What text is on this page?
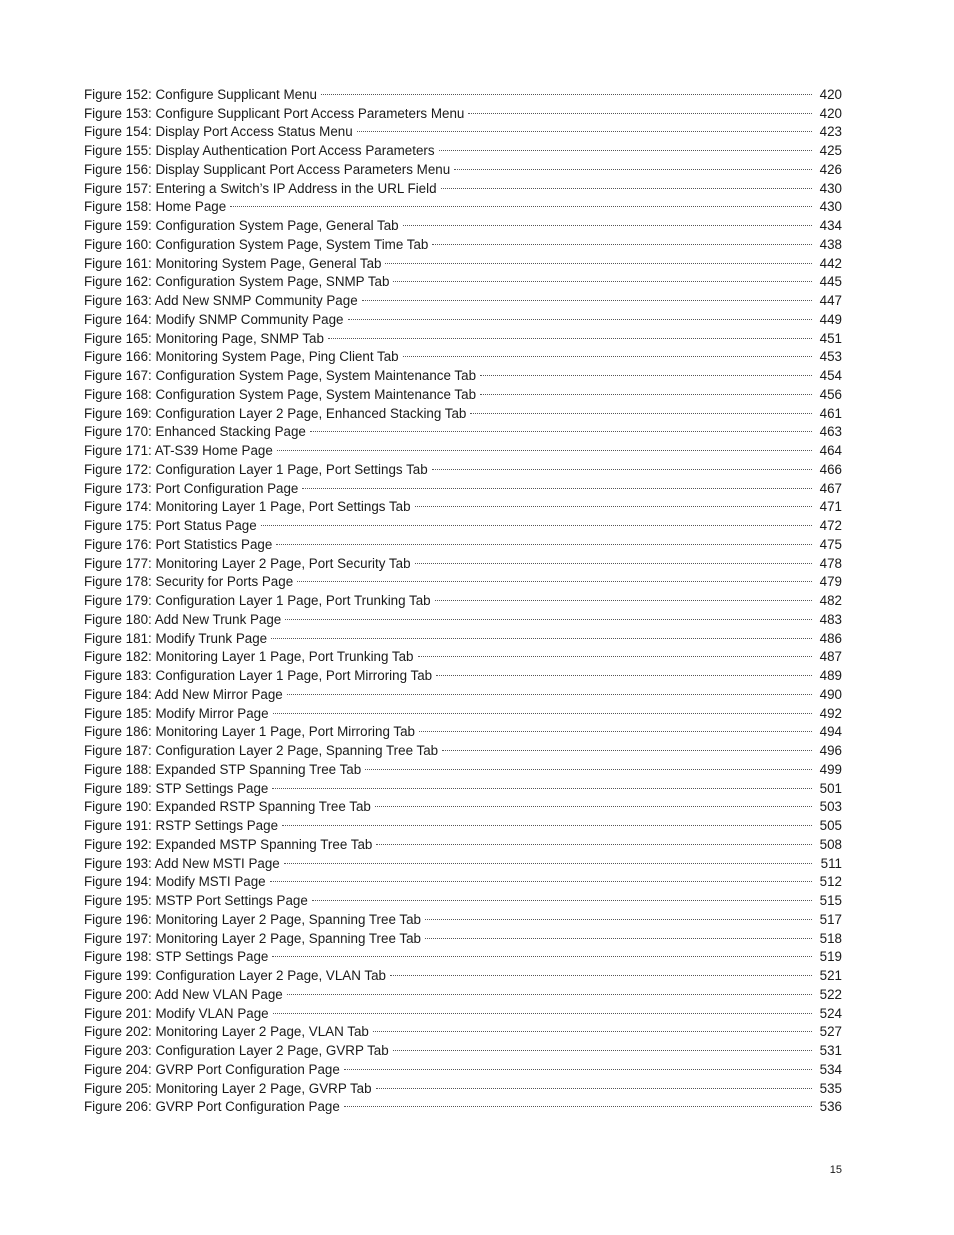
Figure 152: Configure Supplicant Menu	420
Figure 153: Configure Supplicant Port Access Parameters Menu	420
Figure 154: Display Port Access Status Menu	423
Figure 155: Display Authentication Port Access Parameters	425
Figure 156: Display Supplicant Port Access Parameters Menu	426
Figure 157: Entering a Switch’s IP Address in the URL Field	430
Figure 158: Home Page	430
Figure 159: Configuration System Page, General Tab	434
Figure 160: Configuration System Page, System Time Tab	438
Figure 161: Monitoring System Page, General Tab	442
Figure 162: Configuration System Page, SNMP Tab	445
Figure 163: Add New SNMP Community Page	447
Figure 164: Modify SNMP Community Page	449
Figure 165: Monitoring Page, SNMP Tab	451
Figure 166: Monitoring System Page, Ping Client Tab	453
Figure 167: Configuration System Page, System Maintenance Tab	454
Figure 168: Configuration System Page, System Maintenance Tab	456
Figure 169: Configuration Layer 2 Page, Enhanced Stacking Tab	461
Figure 170: Enhanced Stacking Page	463
Figure 171: AT-S39 Home Page	464
Figure 172: Configuration Layer 1 Page, Port Settings Tab	466
Figure 173: Port Configuration Page	467
Figure 174: Monitoring Layer 1 Page, Port Settings Tab	471
Figure 175: Port Status Page	472
Figure 176: Port Statistics Page	475
Figure 177: Monitoring Layer 2 Page, Port Security Tab	478
Figure 178: Security for Ports Page	479
Figure 179: Configuration Layer 1 Page, Port Trunking Tab	482
Figure 180: Add New Trunk Page	483
Figure 181: Modify Trunk Page	486
Figure 182: Monitoring Layer 1 Page, Port Trunking Tab	487
Figure 183: Configuration Layer 1 Page, Port Mirroring Tab	489
Figure 184: Add New Mirror Page	490
Figure 185: Modify Mirror Page	492
Figure 186: Monitoring Layer 1 Page, Port Mirroring Tab	494
Figure 187: Configuration Layer 2 Page, Spanning Tree Tab	496
Figure 188: Expanded STP Spanning Tree Tab	499
Figure 189: STP Settings Page	501
Figure 190: Expanded RSTP Spanning Tree Tab	503
Figure 191: RSTP Settings Page	505
Figure 192: Expanded MSTP Spanning Tree Tab	508
Figure 193: Add New MSTI Page	511
Figure 194: Modify MSTI Page	512
Figure 195: MSTP Port Settings Page	515
Figure 196: Monitoring Layer 2 Page, Spanning Tree Tab	517
Figure 197: Monitoring Layer 2 Page, Spanning Tree Tab	518
Figure 198: STP Settings Page	519
Figure 199: Configuration Layer 2 Page, VLAN Tab	521
Figure 200: Add New VLAN Page	522
Figure 201: Modify VLAN Page	524
Figure 202: Monitoring Layer 2 Page, VLAN Tab	527
Figure 203: Configuration Layer 2 Page, GVRP Tab	531
Figure 204: GVRP Port Configuration Page	534
Figure 205: Monitoring Layer 2 Page, GVRP Tab	535
Figure 206: GVRP Port Configuration Page	536
15
